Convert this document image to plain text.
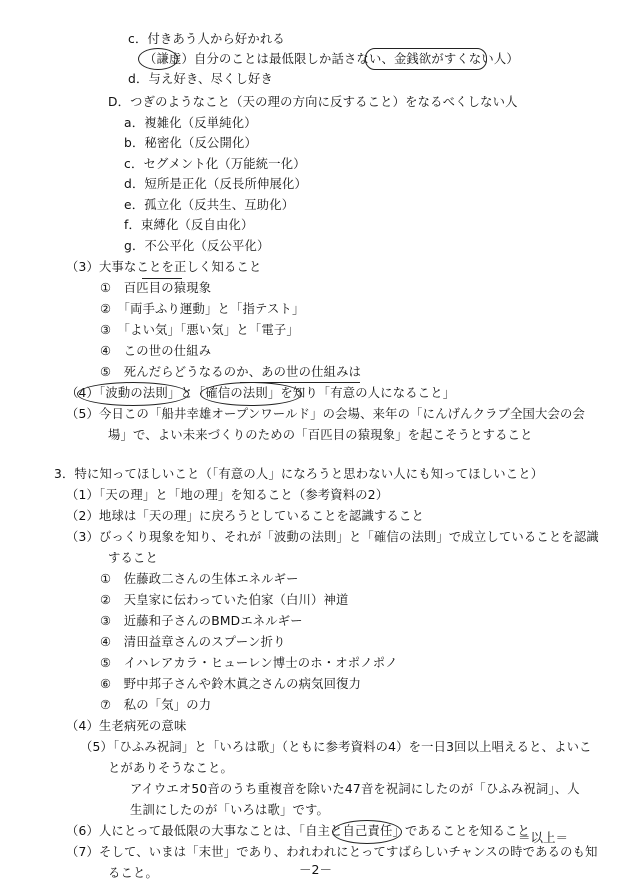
c．付きあう人から好かれる
（謙虚）自分のことは最低限しか話さない、金銭欲がすくない人）
d．与え好き、尽くし好き
D．つぎのようなこと（天の理の方向に反すること）をなるべくしない人
a．複雑化（反単純化）
b．秘密化（反公開化）
c．セグメント化（万能統一化）
d．短所是正化（反長所伸展化）
e．孤立化（反共生、互助化）
f．束縛化（反自由化）
g．不公平化（反公平化）
（3）大事なことを正しく知ること
①　百匹目の猿現象
②　「両手ふり運動」と「指テスト」
③　「よい気」「悪い気」と「電子」
④　この世の仕組み
⑤　死んだらどうなるのか、あの世の仕組みは
（4）「波動の法則」と「確信の法則」を知り「有意の人になること」
（5）今日この「船井幸雄オープンワールド」の会場、来年の「にんげんクラブ全国大会の会
場」で、よい未来づくりのための「百匹目の猿現象」を起こそうとすること
3．特に知ってほしいこと（「有意の人」になろうと思わない人にも知ってほしいこと）
（1）「天の理」と「地の理」を知ること（参考資料の2）
（2）地球は「天の理」に戻ろうとしていることを認識すること
（3）びっくり現象を知り、それが「波動の法則」と「確信の法則」で成立していることを認識
すること
①　佐藤政二さんの生体エネルギー
②　天皇家に伝わっていた伯家（白川）神道
③　近藤和子さんのBMDエネルギー
④　清田益章さんのスプーン折り
⑤　イハレアカラ・ヒューレン博士のホ・オポノポノ
⑥　野中邦子さんや鈴木眞之さんの病気回復力
⑦　私の「気」の力
（4）生老病死の意味
（5）「ひふみ祝詞」と「いろは歌」（ともに参考資料の4）を一日3回以上唱えると、よいこ
とがありそうなこと。
アイウエオ50音のうち重複音を除いた47音を祝詞にしたのが「ひふみ祝詞」、人
生訓にしたのが「いろは歌」です。
（6）人にとって最低限の大事なことは、「自主と自己責任」であることを知ること
（7）そして、いまは「末世」であり、われわれにとってすばらしいチャンスの時であるのも知
ること。
＝以上＝
－2－
